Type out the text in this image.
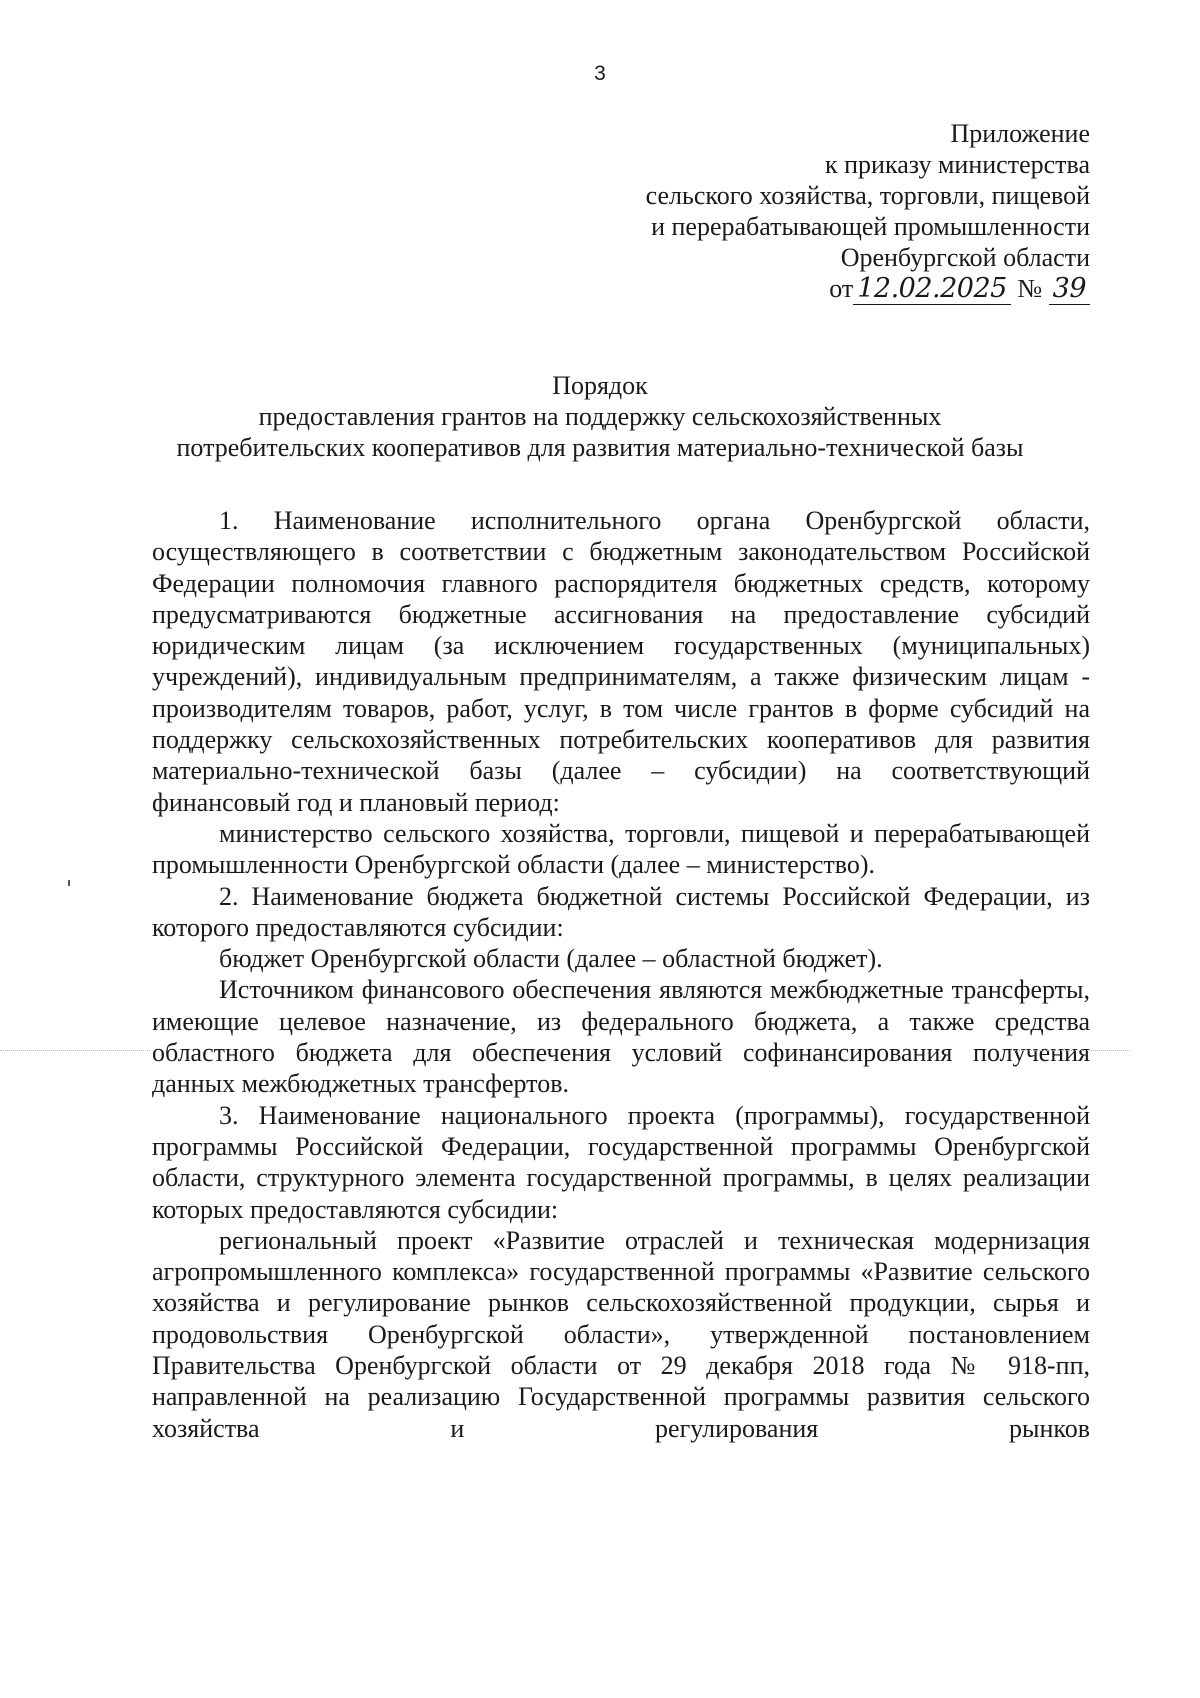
3
Приложение
к приказу министерства
сельского хозяйства, торговли, пищевой
и перерабатывающей промышленности
Оренбургской области
от 12.02.2025 № 39
Порядок
предоставления грантов на поддержку сельскохозяйственных
потребительских кооперативов для развития материально-технической базы

1. Наименование исполнительного органа Оренбургской области, осуществляющего в соответствии с бюджетным законодательством Российской Федерации полномочия главного распорядителя бюджетных средств, которому предусматриваются бюджетные ассигнования на предоставление субсидий юридическим лицам (за исключением государственных (муниципальных) учреждений), индивидуальным предпринимателям, а также физическим лицам - производителям товаров, работ, услуг, в том числе грантов в форме субсидий на поддержку сельскохозяйственных потребительских кооперативов для развития материально-технической базы (далее – субсидии) на соответствующий финансовый год и плановый период:

министерство сельского хозяйства, торговли, пищевой и перерабатывающей промышленности Оренбургской области (далее – министерство).

2. Наименование бюджета бюджетной системы Российской Федерации, из которого предоставляются субсидии:

бюджет Оренбургской области (далее – областной бюджет).

Источником финансового обеспечения являются межбюджетные трансферты, имеющие целевое назначение, из федерального бюджета, а также средства областного бюджета для обеспечения условий софинансирования получения данных межбюджетных трансфертов.

3. Наименование национального проекта (программы), государственной программы Российской Федерации, государственной программы Оренбургской области, структурного элемента государственной программы, в целях реализации которых предоставляются субсидии:

региональный проект «Развитие отраслей и техническая модернизация агропромышленного комплекса» государственной программы «Развитие сельского хозяйства и регулирование рынков сельскохозяйственной продукции, сырья и продовольствия Оренбургской области», утвержденной постановлением Правительства Оренбургской области от 29 декабря 2018 года № 918-пп, направленной на реализацию Государственной программы развития сельского хозяйства и регулирования рынков
